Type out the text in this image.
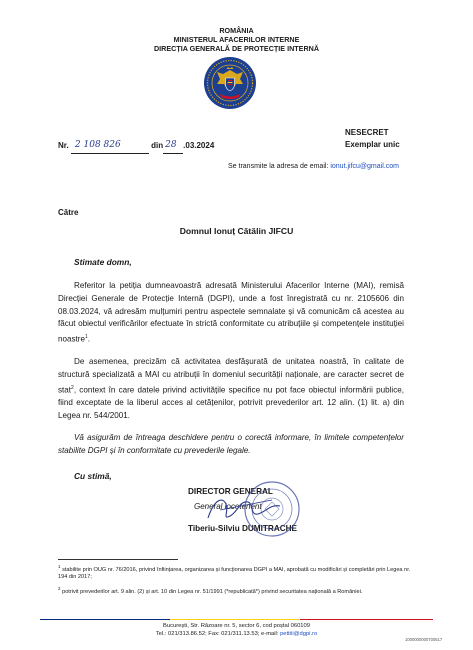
ROMÂNIA
MINISTERUL AFACERILOR INTERNE
DIRECȚIA GENERALĂ DE PROTECȚIE INTERNĂ
NESECRET
Exemplar unic
Nr. 2 108 826	din 28 .03.2024
Se transmite la adresa de email: ionut.jifcu@gmail.com
Către
Domnul Ionuț Cătălin JIFCU
Stimate domn,
Referitor la petiția dumneavoastră adresată Ministerului Afacerilor Interne (MAI), remisă Direcției Generale de Protecție Internă (DGPI), unde a fost înregistrată cu nr. 2105606 din 08.03.2024, vă adresăm mulțumiri pentru aspectele semnalate și vă comunicăm că acestea au făcut obiectul verificărilor efectuate în strictă conformitate cu atribuțiile și competențele instituției noastre$^1$.
De asemenea, precizăm că activitatea desfășurată de unitatea noastră, în calitate de structură specializată a MAI cu atribuții în domeniul securității naționale, are caracter secret de stat$^2$, context în care datele privind activitățile specifice nu pot face obiectul informării publice, fiind exceptate de la liberul acces al cetățenilor, potrivit prevederilor art. 12 alin. (1) lit. a) din Legea nr. 544/2001.
Vă asigurăm de întreaga deschidere pentru o corectă informare, în limitele competențelor stabilite DGPI și în conformitate cu prevederile legale.
Cu stimă,
DIRECTOR GENERAL
General locotenent
Tiberiu-Silviu DUMITRACHE
$^1$ stabilite prin OUG nr. 76/2016, privind înființarea, organizarea și funcționarea DGPI a MAI, aprobată cu modificări și completări prin Legea nr. 194 din 2017;
$^2$ potrivit prevederilor art. 9 alin. (2) și art. 10 din Legea nr. 51/1991 (*republicată*) privind securitatea națională a României.
București, Str. Răzoare nr. 5, sector 6, cod poștal 060109
Tel.: 021/313.86.52; Fax: 021/311.13.53; e-mail: petitii@dgpi.ro
1000000000700517
